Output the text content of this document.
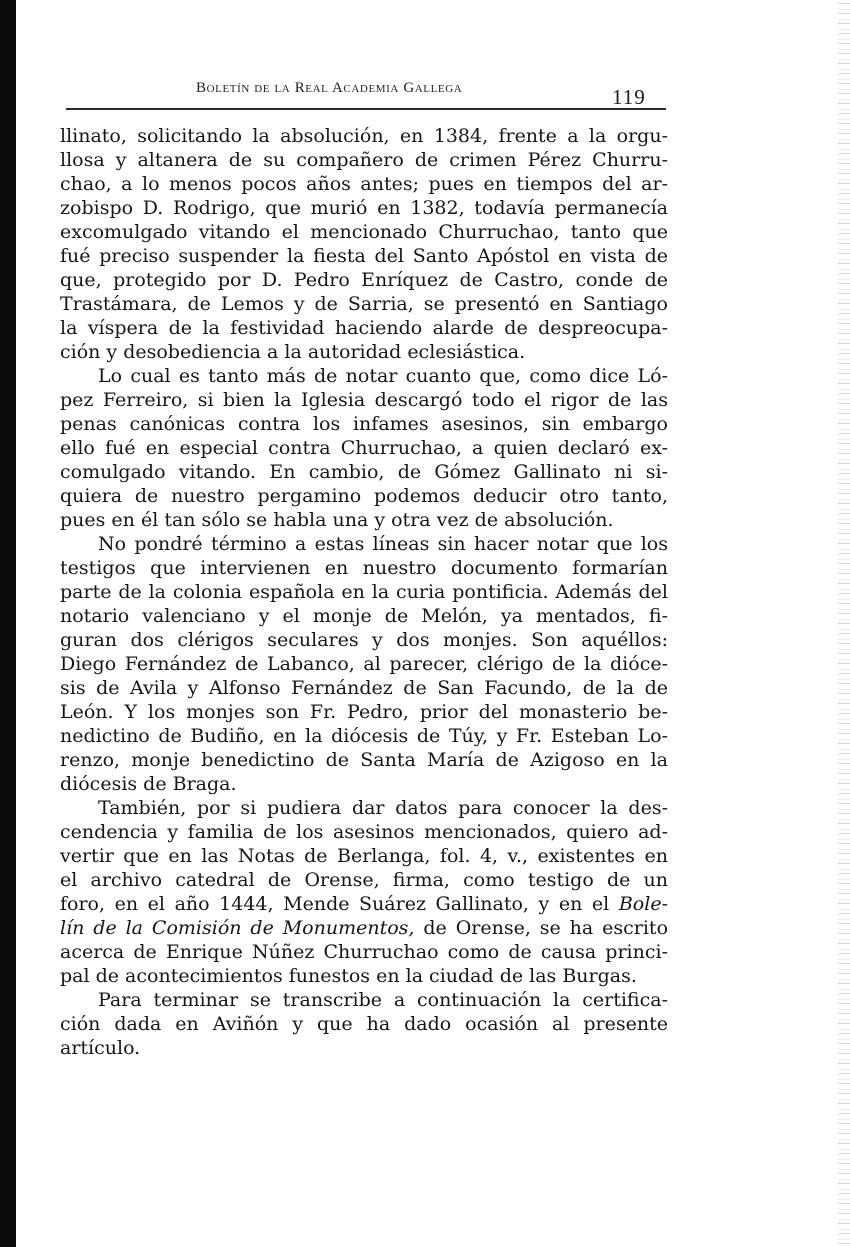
Boletín de la Real Academia Gallega	119
llinato, solicitando la absolución, en 1384, frente a la orgu-
llosa y altanera de su compañero de crimen Pérez Churru-
chao, a lo menos pocos años antes; pues en tiempos del ar-
zobispo D. Rodrigo, que murió en 1382, todavía permanecía
excomulgado vitando el mencionado Churruchao, tanto que
fué preciso suspender la fiesta del Santo Apóstol en vista de
que, protegido por D. Pedro Enríquez de Castro, conde de
Trastámara, de Lemos y de Sarria, se presentó en Santiago
la víspera de la festividad haciendo alarde de despreocupa-
ción y desobediencia a la autoridad eclesiástica.
Lo cual es tanto más de notar cuanto que, como dice Ló-
pez Ferreiro, si bien la Iglesia descargó todo el rigor de las
penas canónicas contra los infames asesinos, sin embargo
ello fué en especial contra Churruchao, a quien declaró ex-
comulgado vitando. En cambio, de Gómez Gallinato ni si-
quiera de nuestro pergamino podemos deducir otro tanto,
pues en él tan sólo se habla una y otra vez de absolución.
No pondré término a estas líneas sin hacer notar que los
testigos que intervienen en nuestro documento formarían
parte de la colonia española en la curia pontificia. Además del
notario valenciano y el monje de Melón, ya mentados, fi-
guran dos clérigos seculares y dos monjes. Son aquéllos:
Diego Fernández de Labanco, al parecer, clérigo de la dióce-
sis de Avila y Alfonso Fernández de San Facundo, de la de
León. Y los monjes son Fr. Pedro, prior del monasterio be-
nedictino de Budiño, en la diócesis de Túy, y Fr. Esteban Lo-
renzo, monje benedictino de Santa María de Azigoso en la
diócesis de Braga.
También, por si pudiera dar datos para conocer la des-
cendencia y familia de los asesinos mencionados, quiero ad-
vertir que en las Notas de Berlanga, fol. 4, v., existentes en
el archivo catedral de Orense, firma, como testigo de un
foro, en el año 1444, Mende Suárez Gallinato, y en el Bole-
lín de la Comisión de Monumentos, de Orense, se ha escrito
acerca de Enrique Núñez Churruchao como de causa princi-
pal de acontecimientos funestos en la ciudad de las Burgas.
Para terminar se transcribe a continuación la certifica-
ción dada en Aviñón y que ha dado ocasión al presente
artículo.
